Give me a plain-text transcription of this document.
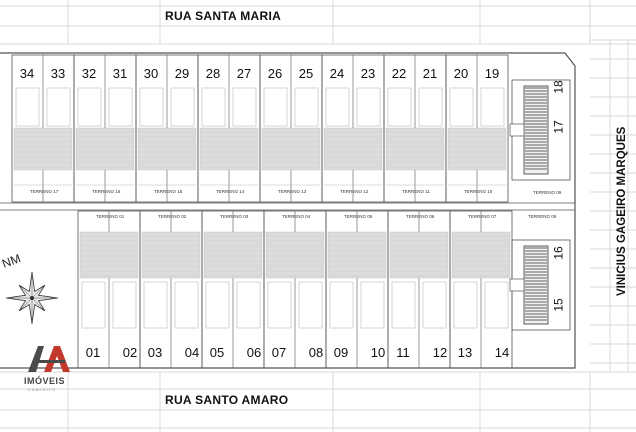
RUA SANTA MARIA
RUA SANTO AMARO
VINICIUS GAGEIRO MARQUES
34 33 32 31 30 29 28 27 26 25 24 23 22 21 20 19
01 02 03 04 05 06 07 08 09 10 11	12 13 14
TERRENO 17	TERRENO 16	TERRENO 15	TERRENO 14	TERRENO 13	TERRENO 12	TERRENO 11	TERRENO 10
TERRENO 01	TERRENO 02	TERRENO 03	TERRENO 04	TERRENO 05	TERRENO 06	TERRENO 07
18
17
TERRENO 09
16
15
TERRENO 08
NM
IMÓVEIS
CONCEITO
